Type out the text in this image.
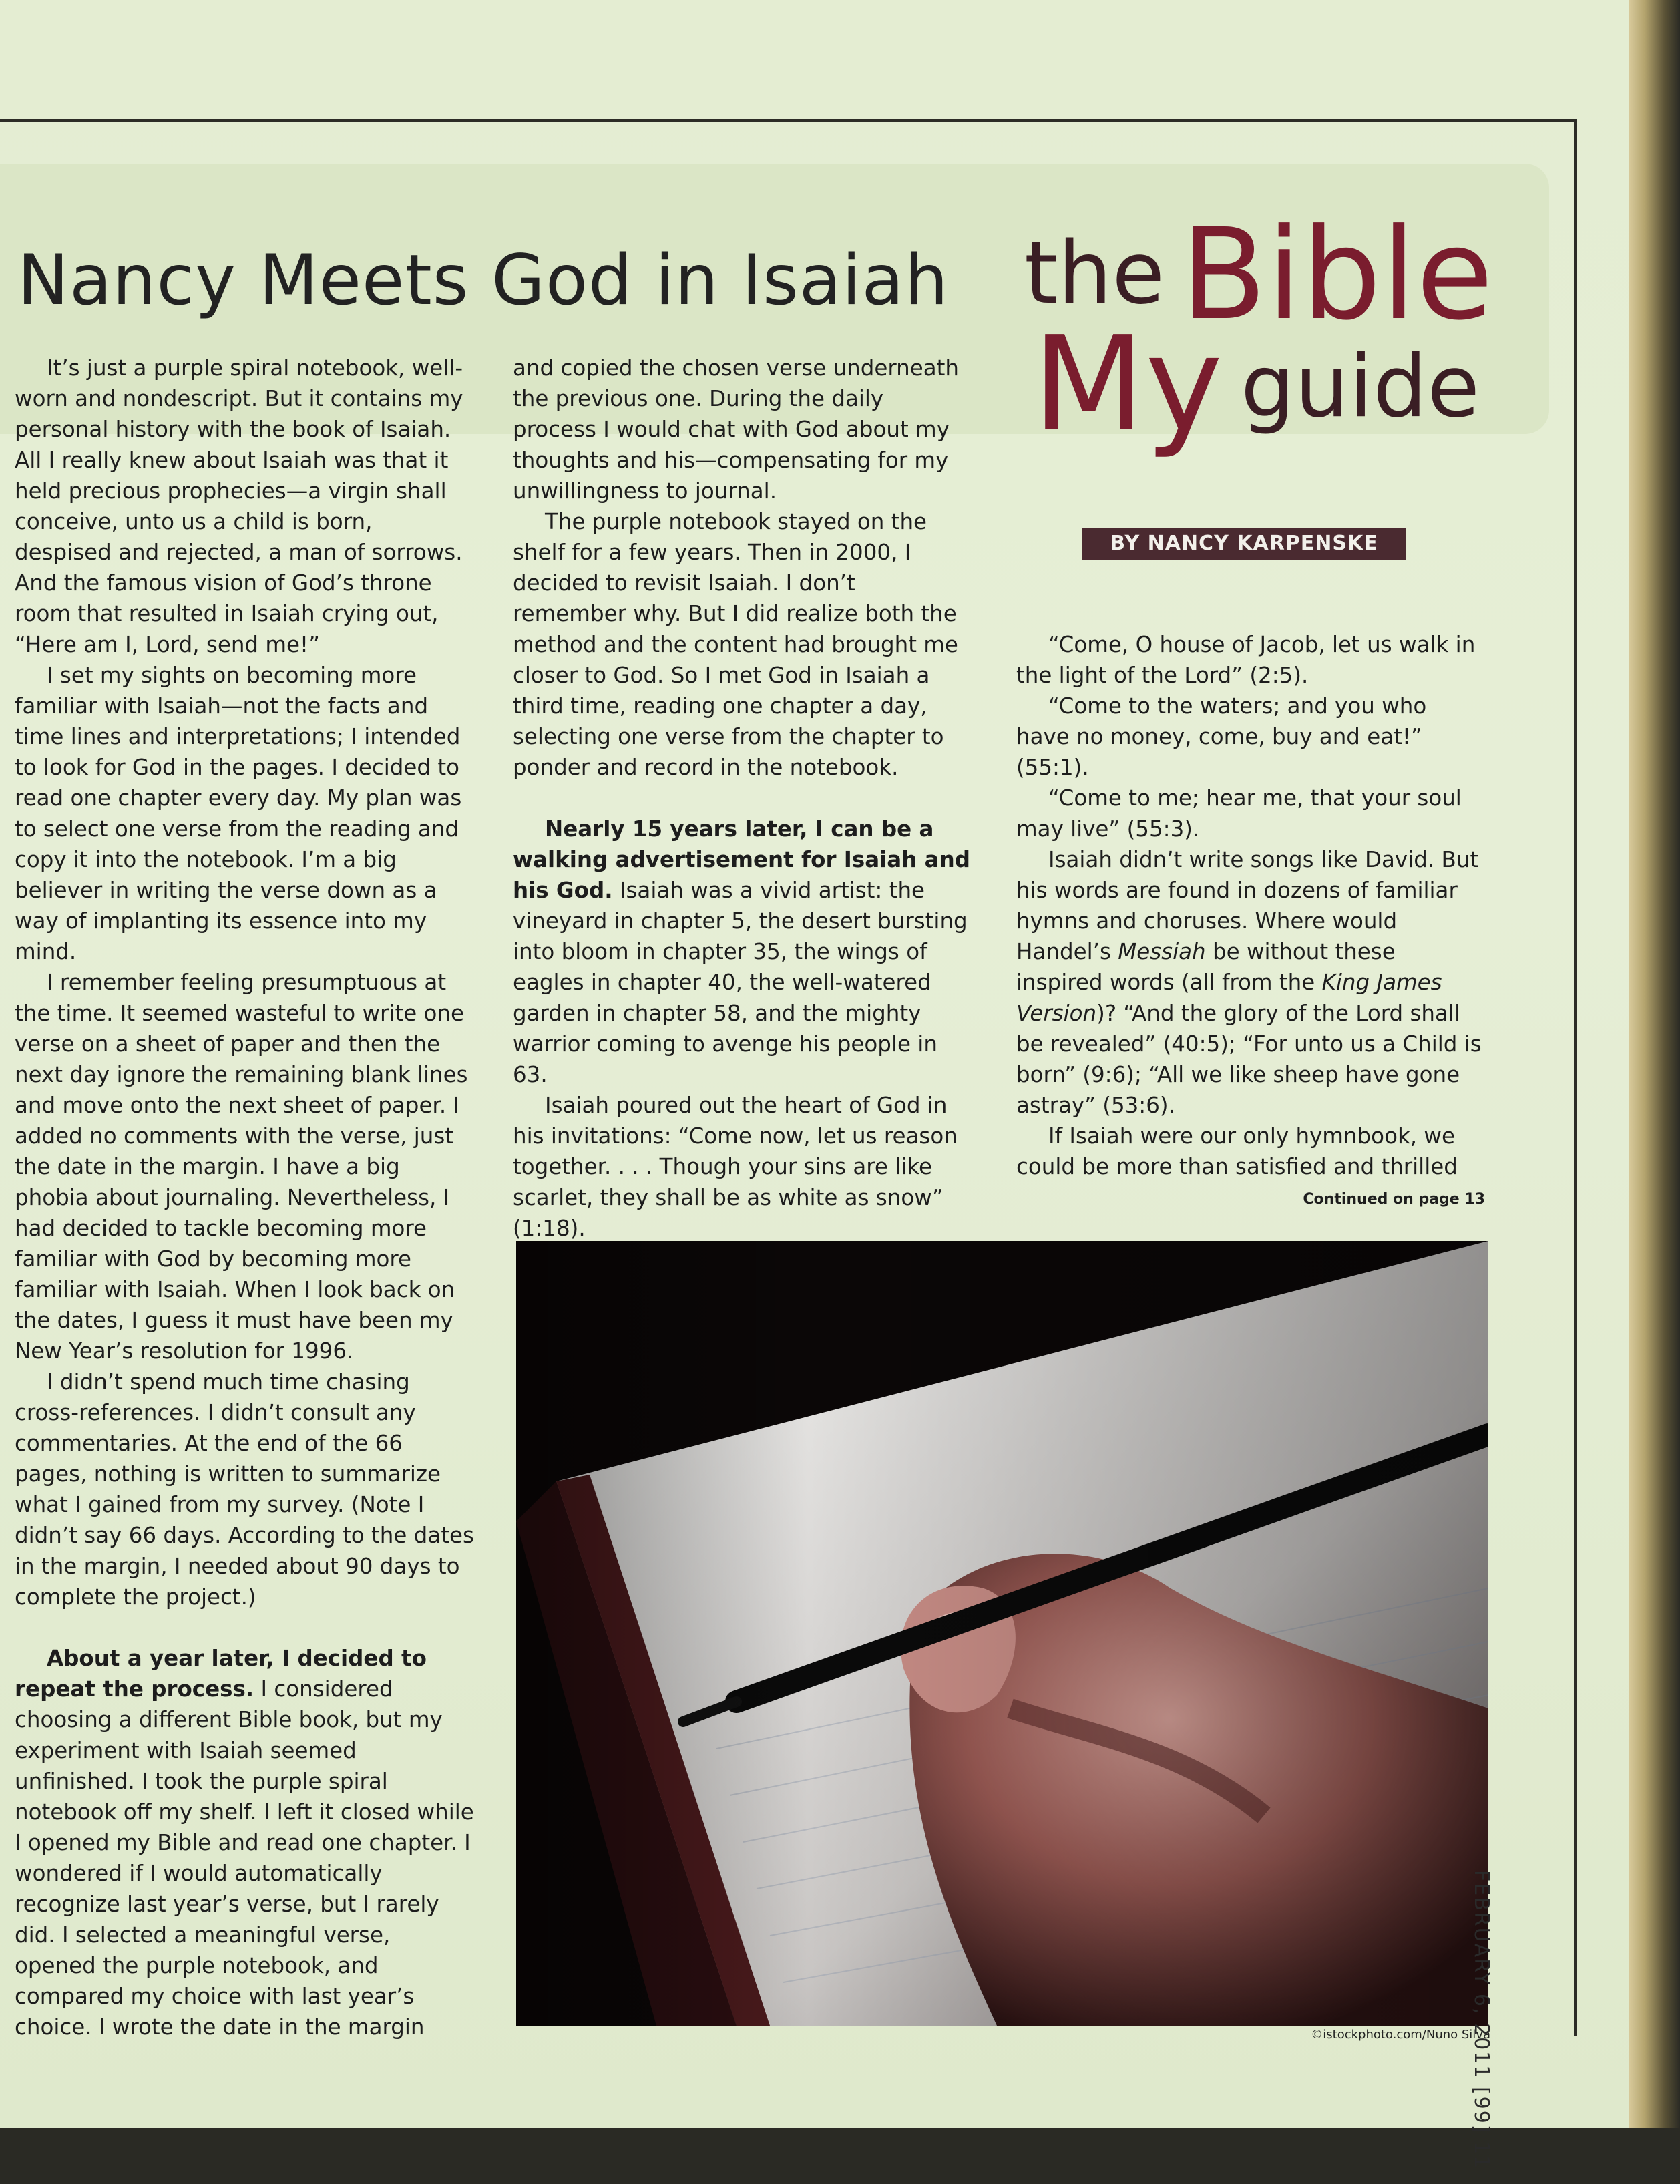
Nancy Meets God in Isaiah the Bible
My guide
BY NANCY KARPENSKE

It’s just a purple spiral notebook, well-worn and nondescript. But it contains my personal history with the book of Isaiah. All I really knew about Isaiah was that it held precious prophecies—a virgin shall conceive, unto us a child is born, despised and rejected, a man of sorrows. And the famous vision of God’s throne room that resulted in Isaiah crying out, “Here am I, Lord, send me!”

I set my sights on becoming more familiar with Isaiah—not the facts and time lines and interpretations; I intended to look for God in the pages. I decided to read one chapter every day. My plan was to select one verse from the reading and copy it into the notebook. I’m a big believer in writing the verse down as a way of implanting its essence into my mind.

I remember feeling presumptuous at the time. It seemed wasteful to write one verse on a sheet of paper and then the next day ignore the remaining blank lines and move onto the next sheet of paper. I added no comments with the verse, just the date in the margin. I have a big phobia about journaling. Nevertheless, I had decided to tackle becoming more familiar with God by becoming more familiar with Isaiah. When I look back on the dates, I guess it must have been my New Year’s resolution for 1996.

I didn’t spend much time chasing cross-references. I didn’t consult any commentaries. At the end of the 66 pages, nothing is written to summarize what I gained from my survey. (Note I didn’t say 66 days. According to the dates in the margin, I needed about 90 days to complete the project.)

About a year later, I decided to repeat the process. I considered choosing a different Bible book, but my experiment with Isaiah seemed unfinished. I took the purple spiral notebook off my shelf. I left it closed while I opened my Bible and read one chapter. I wondered if I would automatically recognize last year’s verse, but I rarely did. I selected a meaningful verse, opened the purple notebook, and compared my choice with last year’s choice. I wrote the date in the margin

and copied the chosen verse underneath the previous one. During the daily process I would chat with God about my thoughts and his—compensating for my unwillingness to journal.

The purple notebook stayed on the shelf for a few years. Then in 2000, I decided to revisit Isaiah. I don’t remember why. But I did realize both the method and the content had brought me closer to God. So I met God in Isaiah a third time, reading one chapter a day, selecting one verse from the chapter to ponder and record in the notebook.

Nearly 15 years later, I can be a walking advertisement for Isaiah and his God. Isaiah was a vivid artist: the vineyard in chapter 5, the desert bursting into bloom in chapter 35, the wings of eagles in chapter 40, the well-watered garden in chapter 58, and the mighty warrior coming to avenge his people in 63.

Isaiah poured out the heart of God in his invitations: “Come now, let us reason together. . . . Though your sins are like scarlet, they shall be as white as snow” (1:18).

“Come, O house of Jacob, let us walk in the light of the Lord” (2:5).

“Come to the waters; and you who have no money, come, buy and eat!” (55:1).

“Come to me; hear me, that your soul may live” (55:3).

Isaiah didn’t write songs like David. But his words are found in dozens of familiar hymns and choruses. Where would Handel’s Messiah be without these inspired words (all from the King James Version)? “And the glory of the Lord shall be revealed” (40:5); “For unto us a Child is born” (9:6); “All we like sheep have gone astray” (53:6).

If Isaiah were our only hymnbook, we could be more than satisfied and thrilled

Continued on page 13
©istockphoto.com/Nuno Silva
FEBRUARY 6, 2011 [99] 11
